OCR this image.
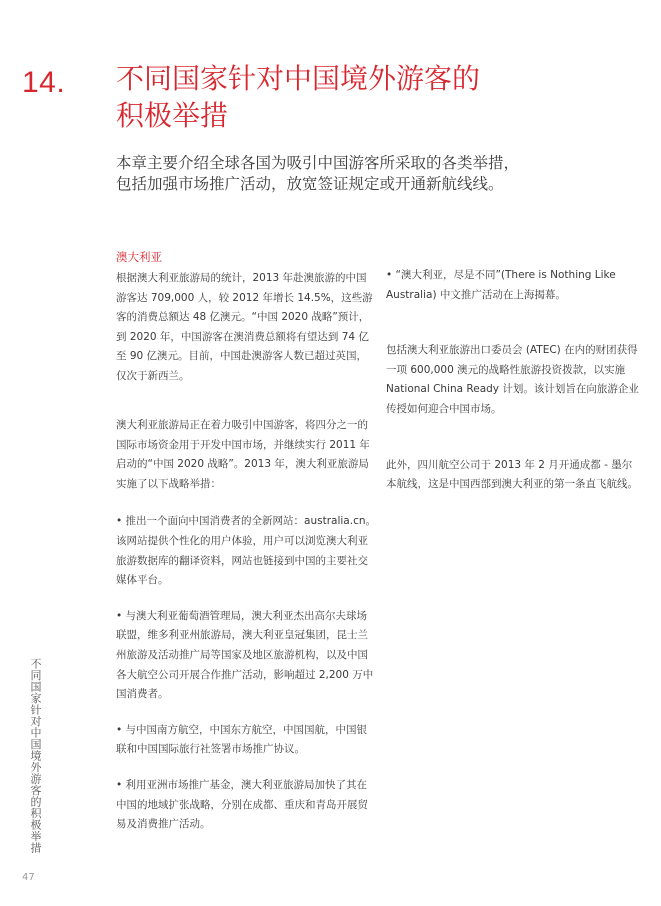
14. 不同国家针对中国境外游客的
积极举措
本章主要介绍全球各国为吸引中国游客所采取的各类举措，包括加强市场推广活动，放宽签证规定或开通新航线线。
澳大利亚

根据澳大利亚旅游局的统计，2013 年赴澳旅游的中国游客达 709,000 人，较 2012 年增长 14.5%，这些游客的消费总额达 48 亿澳元。“中国 2020 战略”预计，到 2020 年，中国游客在澳消费总额将有望达到 74 亿至 90 亿澳元。目前，中国赴澳游客人数已超过英国，仅次于新西兰。

澳大利亚旅游局正在着力吸引中国游客，将四分之一的国际市场资金用于开发中国市场，并继续实行 2011 年启动的“中国 2020 战略”。2013 年，澳大利亚旅游局实施了以下战略举措：

• 推出一个面向中国消费者的全新网站：australia.cn。该网站提供个性化的用户体验，用户可以浏览澳大利亚旅游数据库的翻译资料，网站也链接到中国的主要社交媒体平台。

• 与澳大利亚葡萄酒管理局，澳大利亚杰出高尔夫球场联盟，维多利亚州旅游局，澳大利亚皇冠集团，昆士兰州旅游及活动推广局等国家及地区旅游机构，以及中国各大航空公司开展合作推广活动，影响超过 2,200 万中国消费者。

• 与中国南方航空，中国东方航空，中国国航，中国银联和中国国际旅行社签署市场推广协议。

• 利用亚洲市场推广基金，澳大利亚旅游局加快了其在中国的地域扩张战略，分别在成都、重庆和青岛开展贸易及消费推广活动。

• “澳大利亚，尽是不同”(There is Nothing Like Australia) 中文推广活动在上海揭幕。

包括澳大利亚旅游出口委员会 (ATEC) 在内的财团获得一项 600,000 澳元的战略性旅游投资拨款，以实施 National China Ready 计划。该计划旨在向旅游企业传授如何迎合中国市场。

此外，四川航空公司于 2013 年 2 月开通成都 - 墨尔本航线，这是中国西部到澳大利亚的第一条直飞航线。

不同国家针对中国境外游客的积极举措
47
